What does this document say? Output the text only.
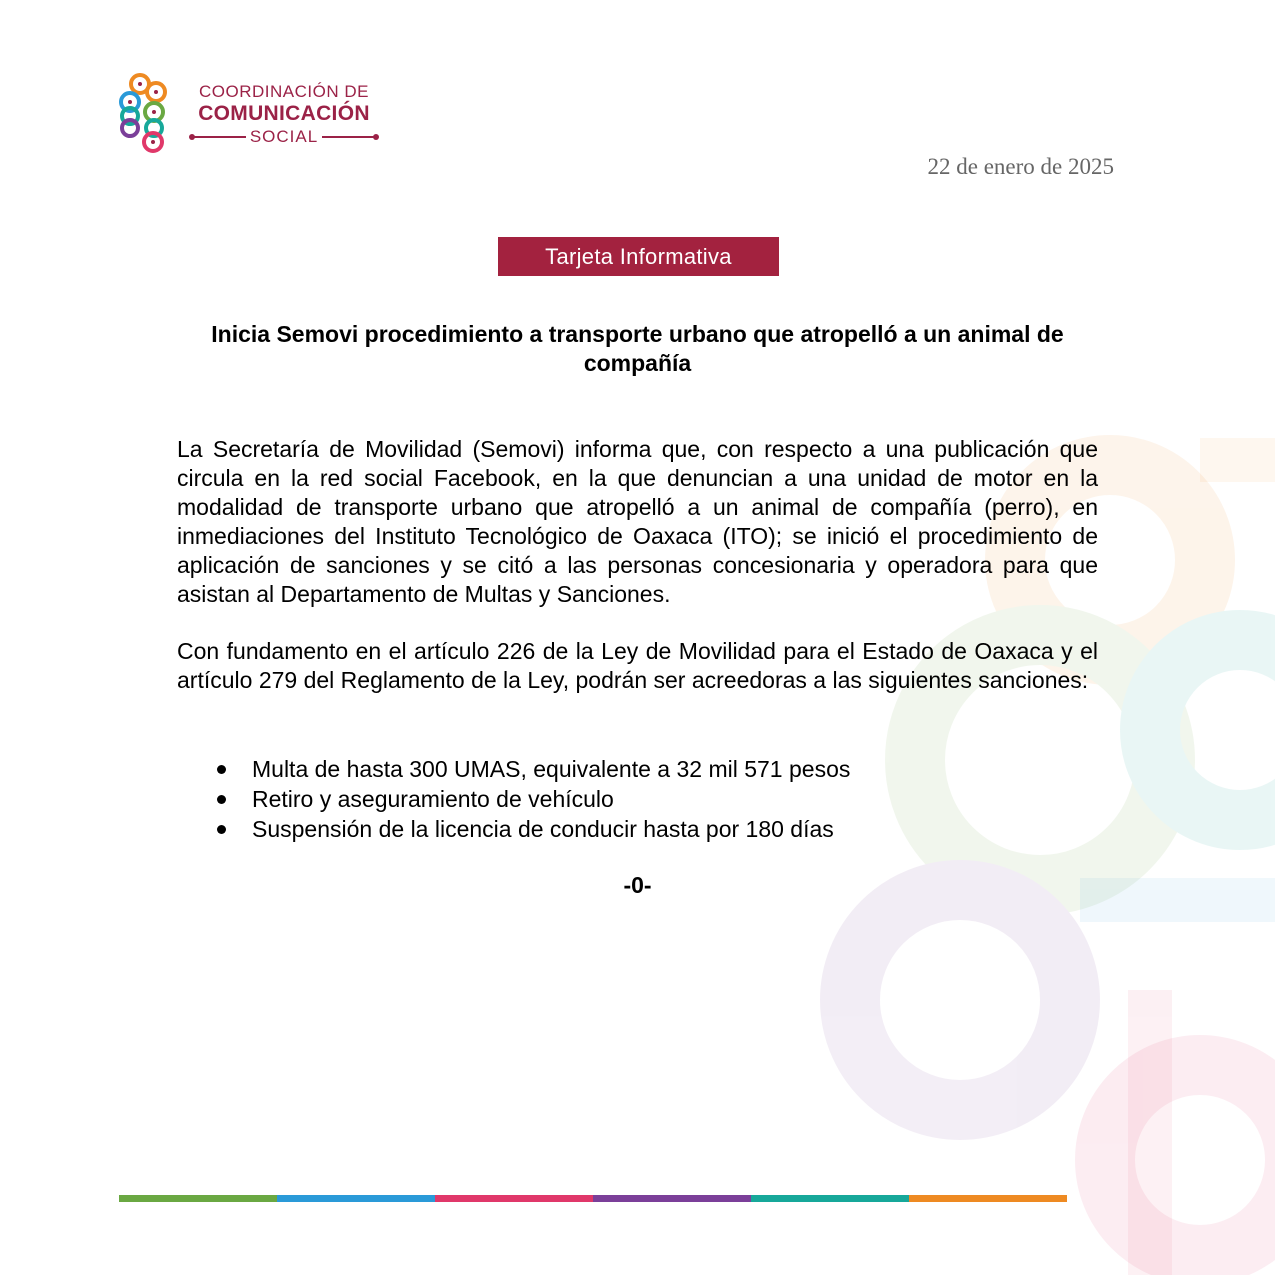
COORDINACIÓN DE
COMUNICACIÓN
SOCIAL
22 de enero de 2025
Tarjeta Informativa
Inicia Semovi procedimiento a transporte urbano que atropelló a un animal de compañía

La Secretaría de Movilidad (Semovi) informa que, con respecto a una publicación que circula en la red social Facebook, en la que denuncian a una unidad de motor en la modalidad de transporte urbano que atropelló a un animal de compañía (perro), en inmediaciones del Instituto Tecnológico de Oaxaca (ITO); se inició el procedimiento de aplicación de sanciones y se citó a las personas concesionaria y operadora para que asistan al Departamento de Multas y Sanciones.

Con fundamento en el artículo 226 de la Ley de Movilidad para el Estado de Oaxaca y el artículo 279 del Reglamento de la Ley, podrán ser acreedoras a las siguientes sanciones:

Multa de hasta 300 UMAS, equivalente a 32 mil 571 pesos
Retiro y aseguramiento de vehículo
Suspensión de la licencia de conducir hasta por 180 días
-0-
